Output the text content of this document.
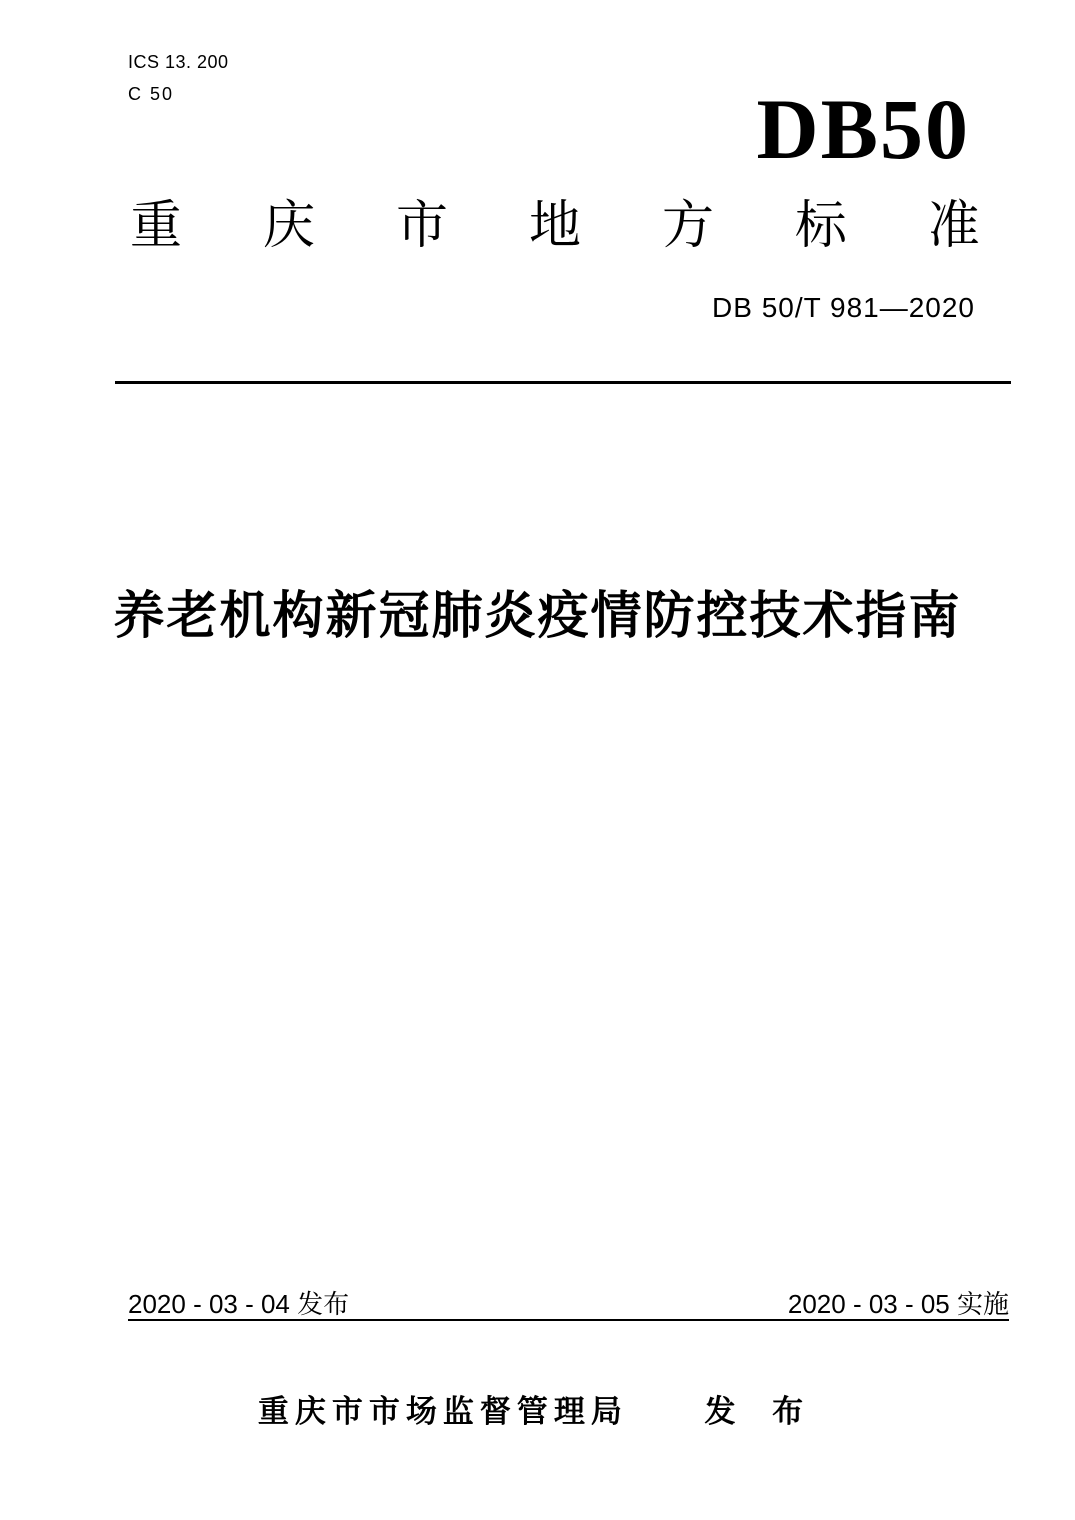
ICS 13. 200
C 50	DB50
重 庆 市 地 方 标 准
DB 50/T 981—2020
养老机构新冠肺炎疫情防控技术指南
2020 - 03 - 04 发布	2020 - 03 - 05 实施
重庆市市场监督管理局 发 布
